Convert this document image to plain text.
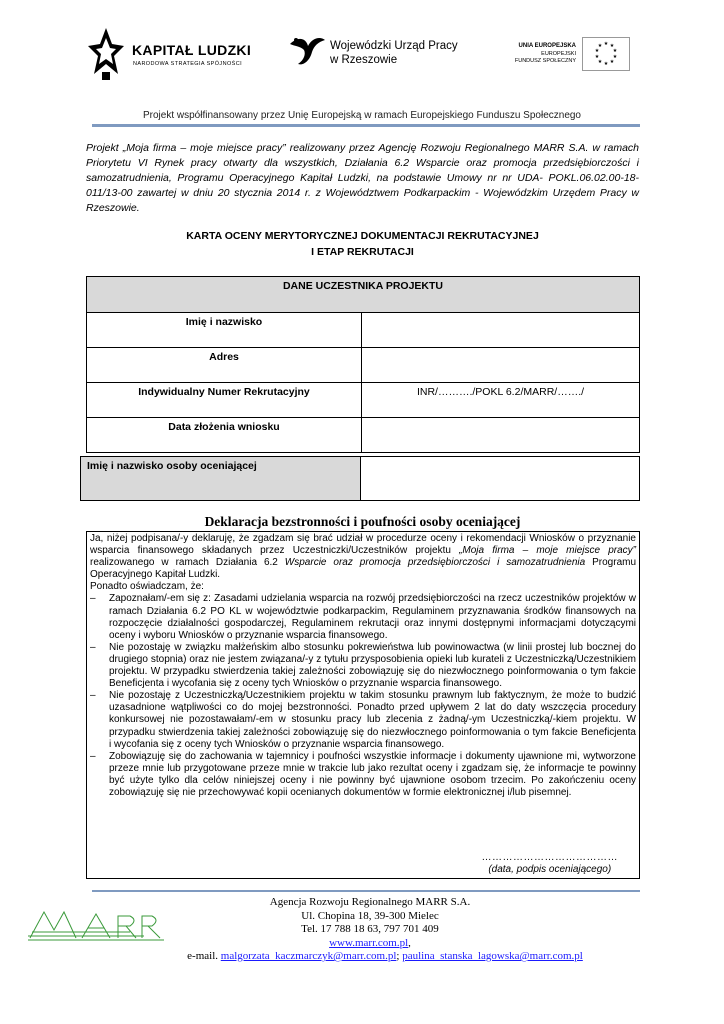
KAPITAŁ LUDZKI
NARODOWA STRATEGIA SPÓJNOŚCI
Wojewódzki Urząd Pracy
w Rzeszowie
UNIA EUROPEJSKA
EUROPEJSKI
FUNDUSZ SPOŁECZNY
★ ★
★
★
★
★
★
★
★
★
Projekt współfinansowany przez Unię Europejską w ramach Europejskiego Funduszu Społecznego
Projekt „Moja firma – moje miejsce pracy” realizowany przez Agencję Rozwoju Regionalnego MARR S.A. w ramach Priorytetu VI Rynek pracy otwarty dla wszystkich, Działania 6.2 Wsparcie oraz promocja przedsiębiorczości i samozatrudnienia, Programu Operacyjnego Kapitał Ludzki, na podstawie Umowy nr nr UDA- POKL.06.02.00-18-011/13-00 zawartej w dniu 20 stycznia 2014 r. z Województwem Podkarpackim - Wojewódzkim Urzędem Pracy w Rzeszowie.
KARTA OCENY MERYTORYCZNEJ DOKUMENTACJI REKRUTACYJNEJ
I ETAP REKRUTACJI
DANE UCZESTNIKA PROJEKTU	
Imię i nazwisko	
Adres	
Indywidualny Numer Rekrutacyjny	INR/………./POKL 6.2/MARR/……./
Data złożenia wniosku	
Imię i nazwisko osoby oceniającej	
Deklaracja bezstronności i poufności osoby oceniającej

Ja, niżej podpisana/-y deklaruję, że zgadzam się brać udział w procedurze oceny i rekomendacji Wniosków o przyznanie wsparcia finansowego składanych przez Uczestniczki/Uczestników projektu „Moja firma – moje miejsce pracy” realizowanego w ramach Działania 6.2 Wsparcie oraz promocja przedsiębiorczości i samozatrudnienia Programu Operacyjnego Kapitał Ludzki.

Ponadto oświadczam, że:

– Zapoznałam/-em się z: Zasadami udzielania wsparcia na rozwój przedsiębiorczości na rzecz uczestników projektów w ramach Działania 6.2 PO KL w województwie podkarpackim, Regulaminem przyznawania środków finansowych na rozpoczęcie działalności gospodarczej, Regulaminem rekrutacji oraz innymi dostępnymi informacjami dotyczącymi oceny i wyboru Wniosków o przyznanie wsparcia finansowego.
– Nie pozostaję w związku małżeńskim albo stosunku pokrewieństwa lub powinowactwa (w linii prostej lub bocznej do drugiego stopnia) oraz nie jestem związana/-y z tytułu przysposobienia opieki lub kurateli z Uczestniczką/Uczestnikiem projektu. W przypadku stwierdzenia takiej zależności zobowiązuję się do niezwłocznego poinformowania o tym fakcie Beneficjenta i wycofania się z oceny tych Wniosków o przyznanie wsparcia finansowego.
– Nie pozostaję z Uczestniczką/Uczestnikiem projektu w takim stosunku prawnym lub faktycznym, że może to budzić uzasadnione wątpliwości co do mojej bezstronności. Ponadto przed upływem 2 lat do daty wszczęcia procedury konkursowej nie pozostawałam/-em w stosunku pracy lub zlecenia z żadną/-ym Uczestniczką/-kiem projektu. W przypadku stwierdzenia takiej zależności zobowiązuję się do niezwłocznego poinformowania o tym fakcie Beneficjenta i wycofania się z oceny tych Wniosków o przyznanie wsparcia finansowego.
– Zobowiązuję się do zachowania w tajemnicy i poufności wszystkie informacje i dokumenty ujawnione mi, wytworzone przeze mnie lub przygotowane przeze mnie w trakcie lub jako rezultat oceny i zgadzam się, że informacje te powinny być użyte tylko dla celów niniejszej oceny i nie powinny być ujawnione osobom trzecim. Po zakończeniu oceny zobowiązuję się nie przechowywać kopii ocenianych dokumentów w formie elektronicznej i/lub pisemnej.
…………………………………
(data, podpis oceniającego)
marr
Agencja Rozwoju Regionalnego MARR S.A.
Ul. Chopina 18, 39-300 Mielec
Tel. 17 788 18 63, 797 701 409
www.marr.com.pl,
e-mail. malgorzata_kaczmarczyk@marr.com.pl; paulina_stanska_lagowska@marr.com.pl
